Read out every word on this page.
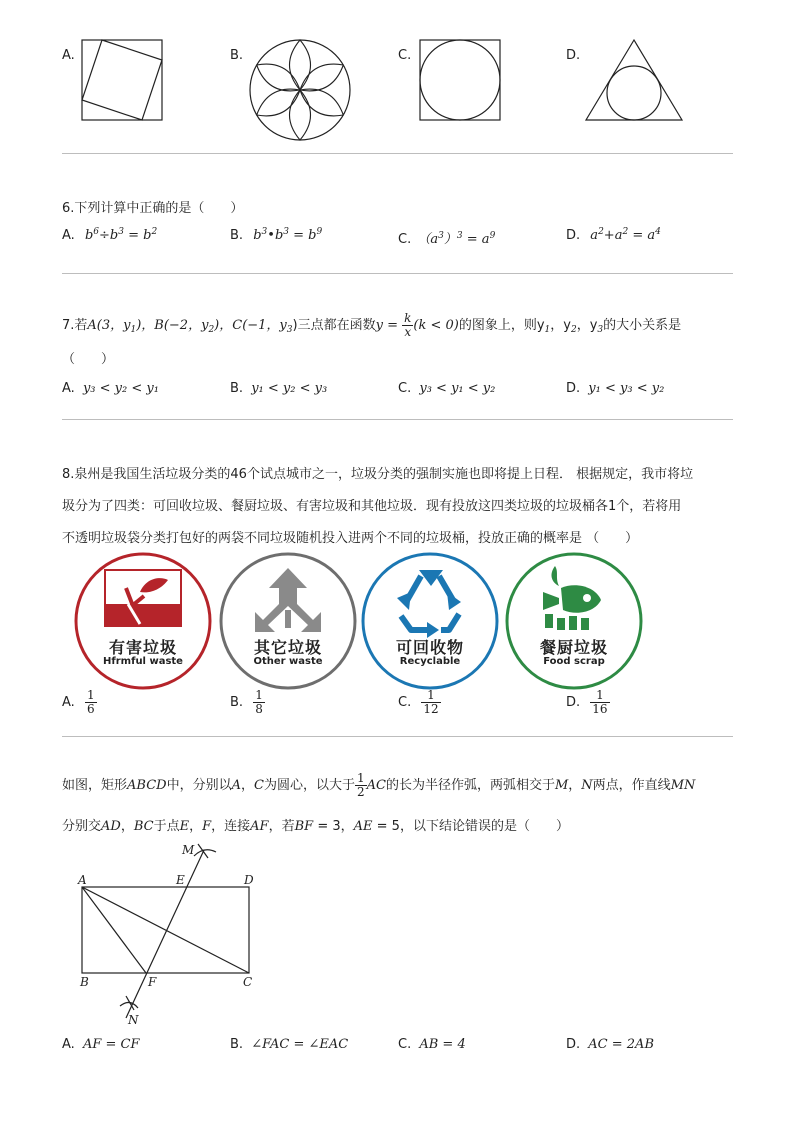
A.	B.	C.	D.
6.下列计算中正确的是（　　）
A. $b^6\div b^3 = b^2$	B. $b^3•b^3 = b^9$	C. $(a^3)^3 = a^9$	D. $a^2+a^2 = a^4$
7.若A(3，$y_1$)，B(−2，$y_2$)，C(−1，$y_3$)三点都在函数$y = \frac{k}{x} (k < 0)$的图象上，则$y_1$，$y_2$，$y_3$的大小关系是
（　　）
A. y₃ < y₂ < y₁	B. y₁ < y₂ < y₃	C. y₃ < y₁ < y₂	D. y₁ < y₃ < y₂
8.泉州是我国生活垃圾分类的46个试点城市之一，垃圾分类的强制实施也即将提上日程． 根据规定，我市将垃
圾分为了四类：可回收垃圾、餐厨垃圾、有害垃圾和其他垃圾．现有投放这四类垃圾的垃圾桶各1个，若将用
不透明垃圾袋分类打包好的两袋不同垃圾随机投入进两个不同的垃圾桶，投放正确的概率是 （　　）
有害垃圾
Hfrmful waste
其它垃圾
Other waste
可回收物
Recyclable
餐厨垃圾
Food scrap
A. $\frac{1}{6}$	B. $\frac{1}{8}$	C. $\frac{1}{12}$	D. $\frac{1}{16}$
如图，矩形ABCD中，分别以A，C为圆心，以大于 $\frac{1}{2}$ AC的长为半径作弧，两弧相交于M，N两点，作直线MN
分别交AD，BC于点E，F，连接AF，若BF = 3，AE = 5，以下结论错误的是（　　）
M
A	E	D
B	F	C
N
A. AF = CF	B. ∠FAC = ∠EAC	C. AB = 4	D. AC = 2AB
